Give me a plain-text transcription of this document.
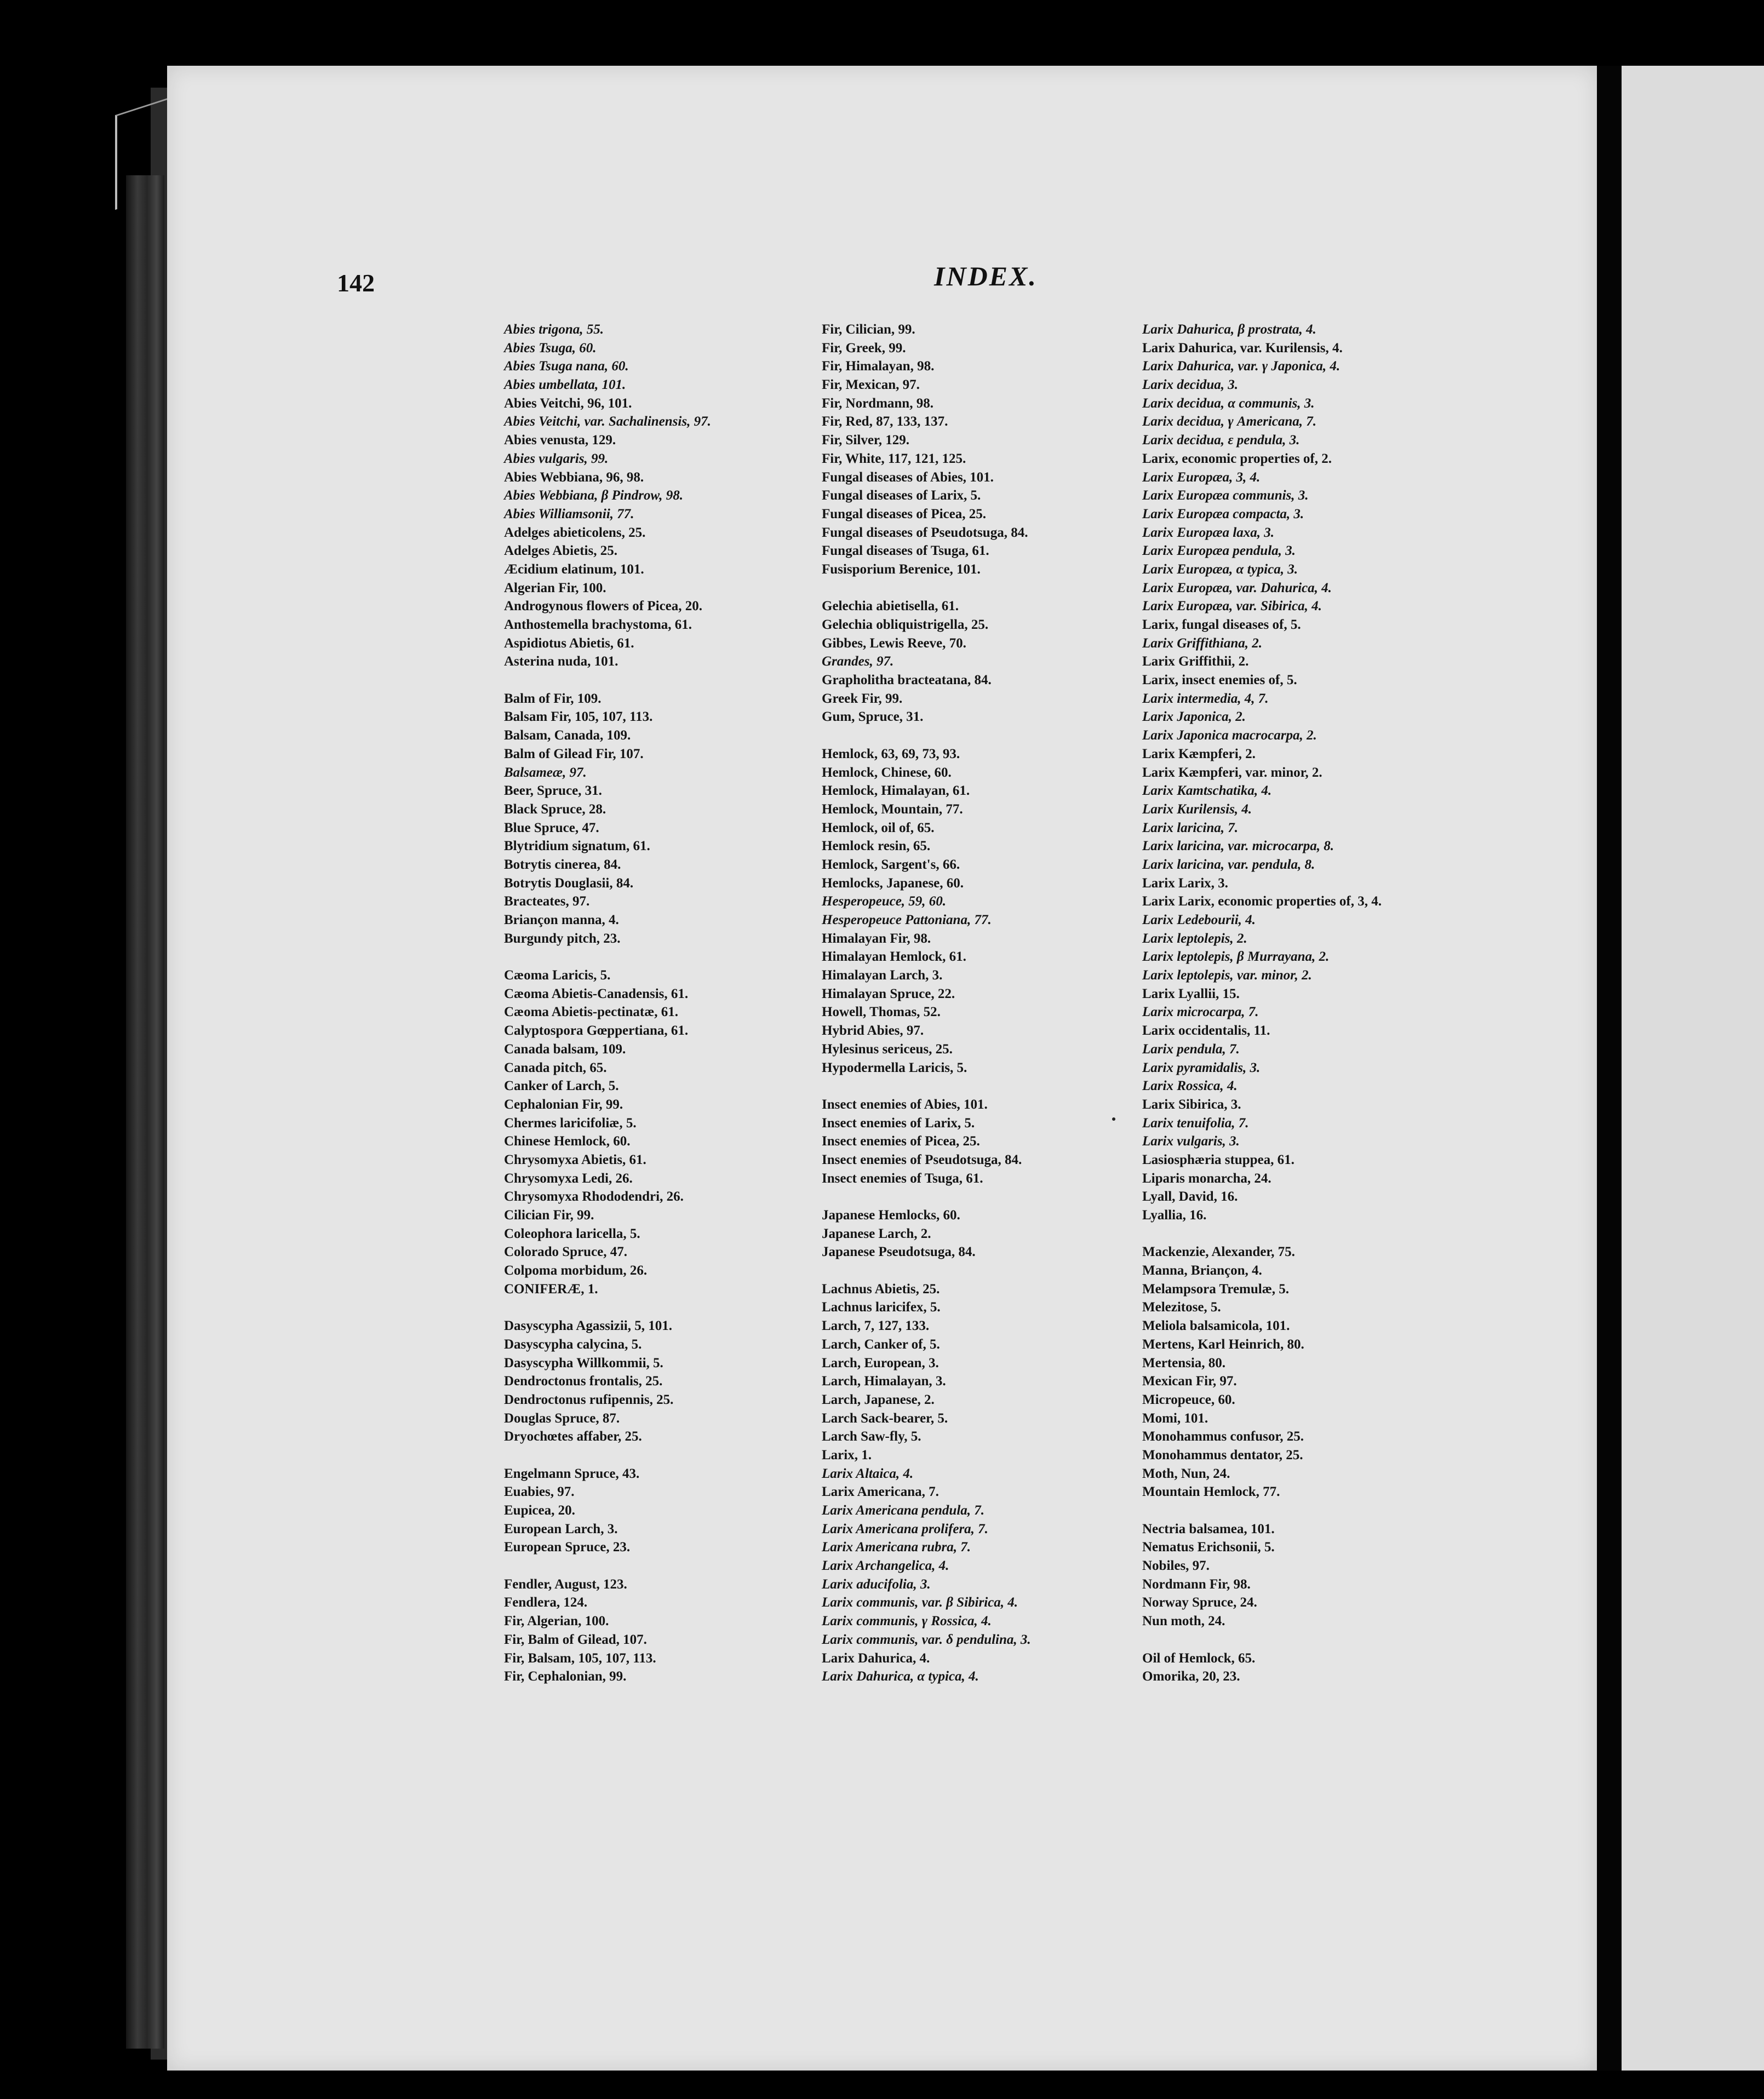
142	INDEX.
Abies trigona, 55.
Abies Tsuga, 60.
Abies Tsuga nana, 60.
Abies umbellata, 101.
Abies Veitchi, 96, 101.
Abies Veitchi, var. Sachalinensis, 97.
Abies venusta, 129.
Abies vulgaris, 99.
Abies Webbiana, 96, 98.
Abies Webbiana, β Pindrow, 98.
Abies Williamsonii, 77.
Adelges abieticolens, 25.
Adelges Abietis, 25.
Æcidium elatinum, 101.
Algerian Fir, 100.
Androgynous flowers of Picea, 20.
Anthostemella brachystoma, 61.
Aspidiotus Abietis, 61.
Asterina nuda, 101.
Balm of Fir, 109.
Balsam Fir, 105, 107, 113.
Balsam, Canada, 109.
Balm of Gilead Fir, 107.
Balsameæ, 97.
Beer, Spruce, 31.
Black Spruce, 28.
Blue Spruce, 47.
Blytridium signatum, 61.
Botrytis cinerea, 84.
Botrytis Douglasii, 84.
Bracteates, 97.
Briançon manna, 4.
Burgundy pitch, 23.
Cæoma Laricis, 5.
Cæoma Abietis-Canadensis, 61.
Cæoma Abietis-pectinatæ, 61.
Calyptospora Gœppertiana, 61.
Canada balsam, 109.
Canada pitch, 65.
Canker of Larch, 5.
Cephalonian Fir, 99.
Chermes laricifoliæ, 5.
Chinese Hemlock, 60.
Chrysomyxa Abietis, 61.
Chrysomyxa Ledi, 26.
Chrysomyxa Rhododendri, 26.
Cilician Fir, 99.
Coleophora laricella, 5.
Colorado Spruce, 47.
Colpoma morbidum, 26.
CONIFERÆ, 1.
Dasyscypha Agassizii, 5, 101.
Dasyscypha calycina, 5.
Dasyscypha Willkommii, 5.
Dendroctonus frontalis, 25.
Dendroctonus rufipennis, 25.
Douglas Spruce, 87.
Dryochœtes affaber, 25.
Engelmann Spruce, 43.
Euabies, 97.
Eupicea, 20.
European Larch, 3.
European Spruce, 23.
Fendler, August, 123.
Fendlera, 124.
Fir, Algerian, 100.
Fir, Balm of Gilead, 107.
Fir, Balsam, 105, 107, 113.
Fir, Cephalonian, 99.
Fir, Cilician, 99.
Fir, Greek, 99.
Fir, Himalayan, 98.
Fir, Mexican, 97.
Fir, Nordmann, 98.
Fir, Red, 87, 133, 137.
Fir, Silver, 129.
Fir, White, 117, 121, 125.
Fungal diseases of Abies, 101.
Fungal diseases of Larix, 5.
Fungal diseases of Picea, 25.
Fungal diseases of Pseudotsuga, 84.
Fungal diseases of Tsuga, 61.
Fusisporium Berenice, 101.
Gelechia abietisella, 61.
Gelechia obliquistrigella, 25.
Gibbes, Lewis Reeve, 70.
Grandes, 97.
Grapholitha bracteatana, 84.
Greek Fir, 99.
Gum, Spruce, 31.
Hemlock, 63, 69, 73, 93.
Hemlock, Chinese, 60.
Hemlock, Himalayan, 61.
Hemlock, Mountain, 77.
Hemlock, oil of, 65.
Hemlock resin, 65.
Hemlock, Sargent's, 66.
Hemlocks, Japanese, 60.
Hesperopeuce, 59, 60.
Hesperopeuce Pattoniana, 77.
Himalayan Fir, 98.
Himalayan Hemlock, 61.
Himalayan Larch, 3.
Himalayan Spruce, 22.
Howell, Thomas, 52.
Hybrid Abies, 97.
Hylesinus sericeus, 25.
Hypodermella Laricis, 5.
Insect enemies of Abies, 101.
Insect enemies of Larix, 5.
Insect enemies of Picea, 25.
Insect enemies of Pseudotsuga, 84.
Insect enemies of Tsuga, 61.
Japanese Hemlocks, 60.
Japanese Larch, 2.
Japanese Pseudotsuga, 84.
Lachnus Abietis, 25.
Lachnus laricifex, 5.
Larch, 7, 127, 133.
Larch, Canker of, 5.
Larch, European, 3.
Larch, Himalayan, 3.
Larch, Japanese, 2.
Larch Sack-bearer, 5.
Larch Saw-fly, 5.
Larix, 1.
Larix Altaica, 4.
Larix Americana, 7.
Larix Americana pendula, 7.
Larix Americana prolifera, 7.
Larix Americana rubra, 7.
Larix Archangelica, 4.
Larix aducifolia, 3.
Larix communis, var. β Sibirica, 4.
Larix communis, γ Rossica, 4.
Larix communis, var. δ pendulina, 3.
Larix Dahurica, 4.
Larix Dahurica, α typica, 4.
Larix Dahurica, β prostrata, 4.
Larix Dahurica, var. Kurilensis, 4.
Larix Dahurica, var. γ Japonica, 4.
Larix decidua, 3.
Larix decidua, α communis, 3.
Larix decidua, γ Americana, 7.
Larix decidua, ε pendula, 3.
Larix, economic properties of, 2.
Larix Europæa, 3, 4.
Larix Europæa communis, 3.
Larix Europæa compacta, 3.
Larix Europæa laxa, 3.
Larix Europæa pendula, 3.
Larix Europæa, α typica, 3.
Larix Europæa, var. Dahurica, 4.
Larix Europæa, var. Sibirica, 4.
Larix, fungal diseases of, 5.
Larix Griffithiana, 2.
Larix Griffithii, 2.
Larix, insect enemies of, 5.
Larix intermedia, 4, 7.
Larix Japonica, 2.
Larix Japonica macrocarpa, 2.
Larix Kæmpferi, 2.
Larix Kæmpferi, var. minor, 2.
Larix Kamtschatika, 4.
Larix Kurilensis, 4.
Larix laricina, 7.
Larix laricina, var. microcarpa, 8.
Larix laricina, var. pendula, 8.
Larix Larix, 3.
Larix Larix, economic properties of, 3, 4.
Larix Ledebourii, 4.
Larix leptolepis, 2.
Larix leptolepis, β Murrayana, 2.
Larix leptolepis, var. minor, 2.
Larix Lyallii, 15.
Larix microcarpa, 7.
Larix occidentalis, 11.
Larix pendula, 7.
Larix pyramidalis, 3.
Larix Rossica, 4.
Larix Sibirica, 3.
Larix tenuifolia, 7.
Larix vulgaris, 3.
Lasiosphæria stuppea, 61.
Liparis monarcha, 24.
Lyall, David, 16.
Lyallia, 16.
Mackenzie, Alexander, 75.
Manna, Briançon, 4.
Melampsora Tremulæ, 5.
Melezitose, 5.
Meliola balsamicola, 101.
Mertens, Karl Heinrich, 80.
Mertensia, 80.
Mexican Fir, 97.
Micropeuce, 60.
Momi, 101.
Monohammus confusor, 25.
Monohammus dentator, 25.
Moth, Nun, 24.
Mountain Hemlock, 77.
Nectria balsamea, 101.
Nematus Erichsonii, 5.
Nobiles, 97.
Nordmann Fir, 98.
Norway Spruce, 24.
Nun moth, 24.
Oil of Hemlock, 65.
Omorika, 20, 23.
